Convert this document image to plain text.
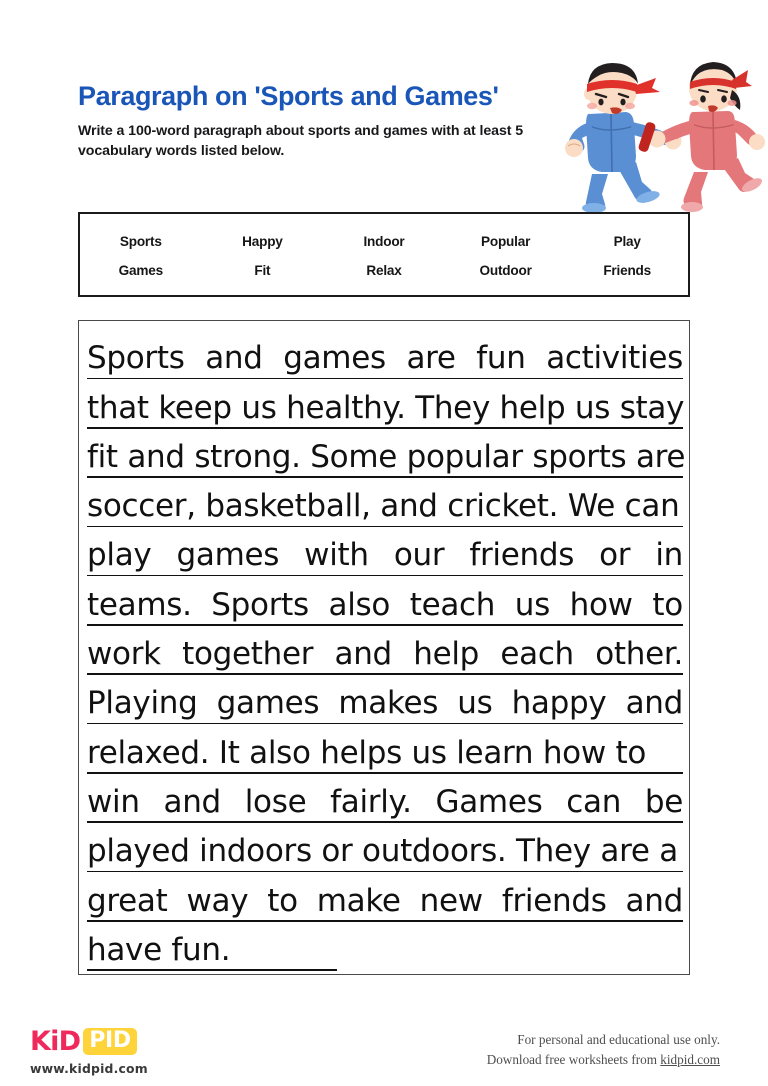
Paragraph on 'Sports and Games'

Write a 100-word paragraph about sports and games with at least 5 vocabulary words listed below.

Sports	Happy	Indoor	Popular	Play
Games	Fit	Relax	Outdoor	Friends
Sports and games are fun activities
that keep us healthy. They help us stay
fit and strong. Some popular sports are
soccer, basketball, and cricket. We can
play games with our friends or in
teams. Sports also teach us how to
work together and help each other.
Playing games makes us happy and
relaxed. It also helps us learn how to
win and lose fairly. Games can be
played indoors or outdoors. They are a
great way to make new friends and
have fun.
KiD PID
www.kidpid.com
For personal and educational use only.
Download free worksheets from kidpid.com
